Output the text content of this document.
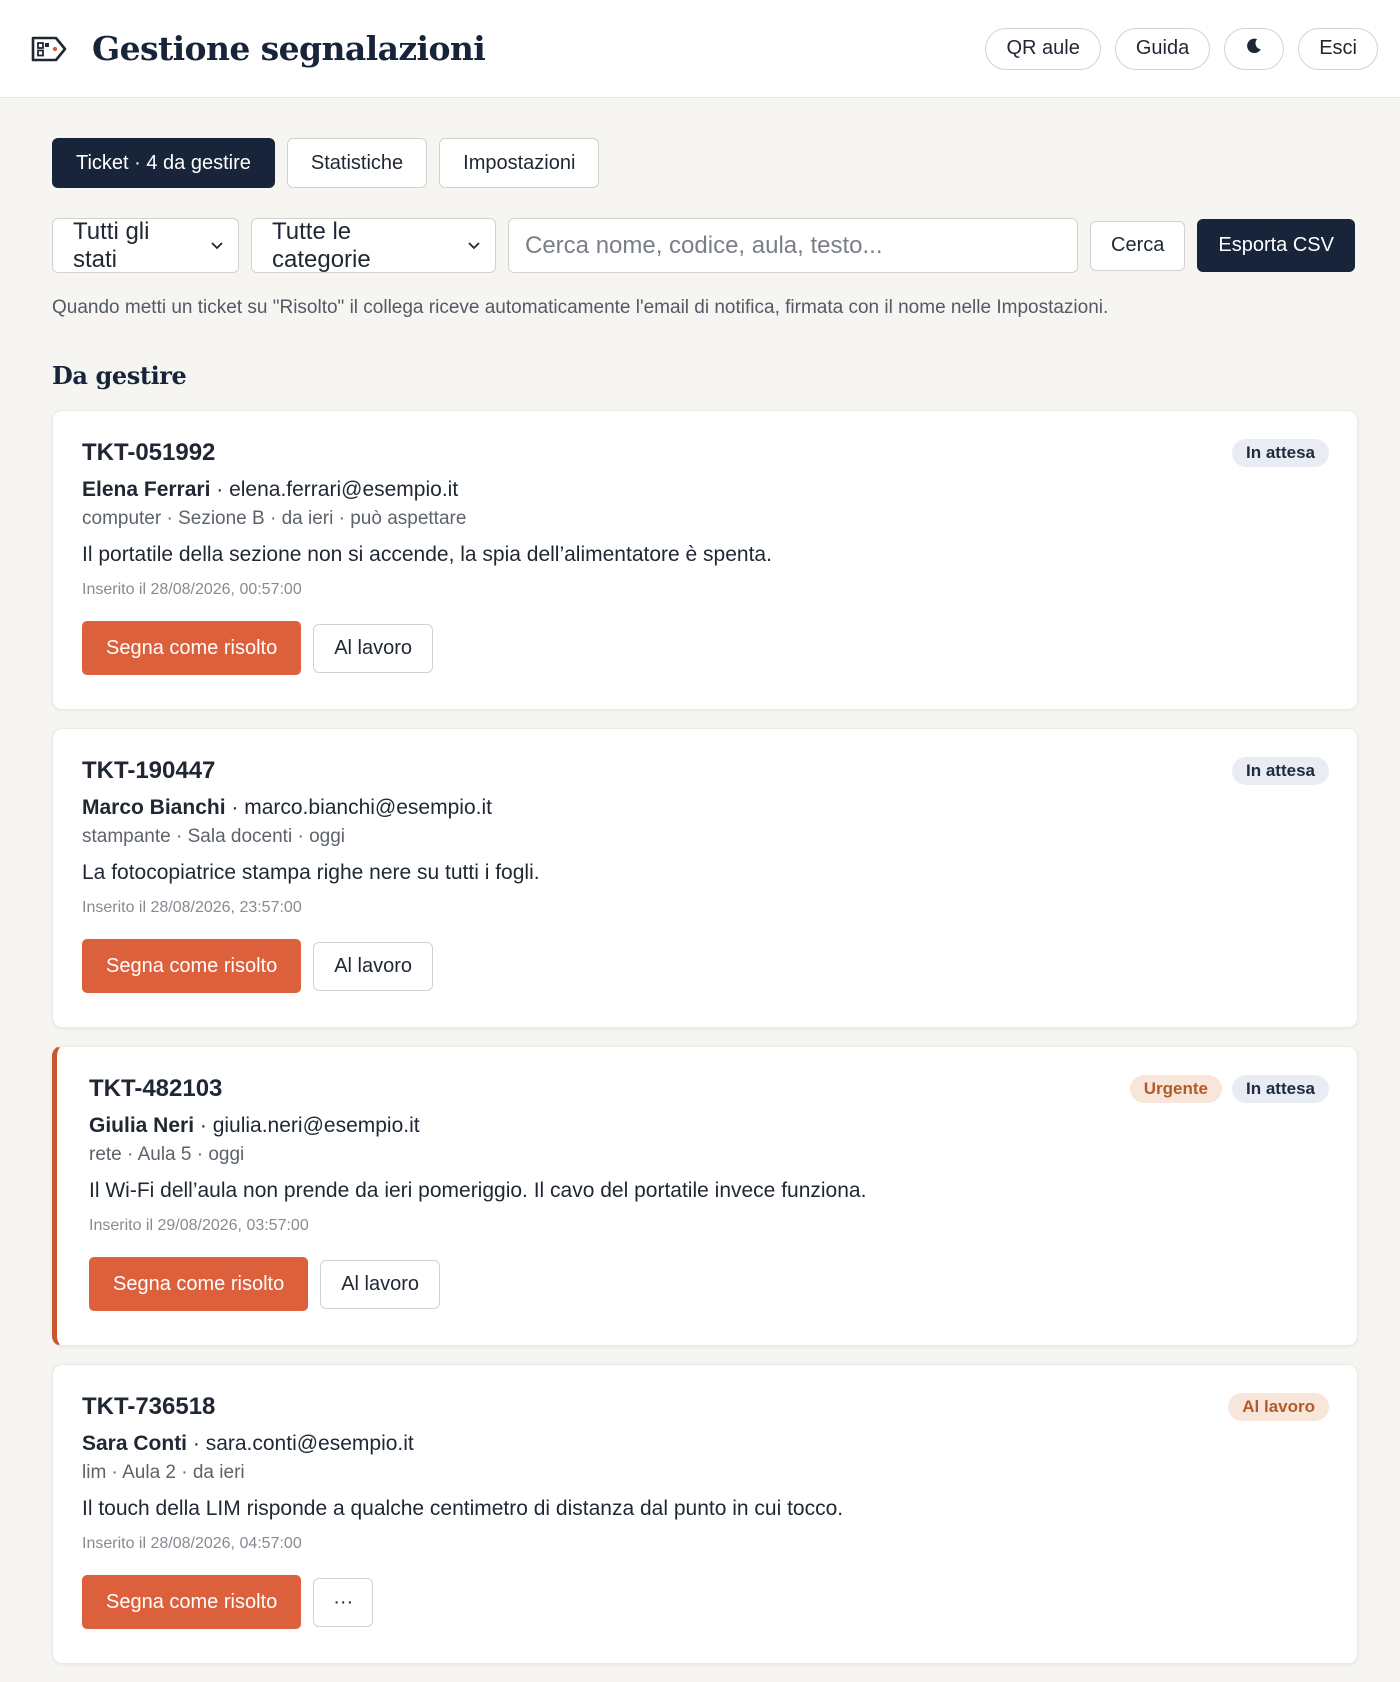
Gestione segnalazioni	QR aule	Guida	Esci
Ticket · 4 da gestire	Statistiche	Impostazioni
Tutti gli stati
Tutte le categorie
Cerca nome, codice, aula, testo...
Cerca	Esporta CSV

Quando metti un ticket su "Risolto" il collega riceve automaticamente l'email di notifica, firmata con il nome nelle Impostazioni.

Da gestire
In attesa
TKT-051992
Elena Ferrari · elena.ferrari@esempio.it
computer · Sezione B · da ieri · può aspettare
Il portatile della sezione non si accende, la spia dell’alimentatore è spenta.
Inserito il 28/08/2026, 00:57:00
Segna come risolto	Al lavoro
In attesa
TKT-190447
Marco Bianchi · marco.bianchi@esempio.it
stampante · Sala docenti · oggi
La fotocopiatrice stampa righe nere su tutti i fogli.
Inserito il 28/08/2026, 23:57:00
Segna come risolto	Al lavoro
Urgente	In attesa
TKT-482103
Giulia Neri · giulia.neri@esempio.it
rete · Aula 5 · oggi
Il Wi-Fi dell’aula non prende da ieri pomeriggio. Il cavo del portatile invece funziona.
Inserito il 29/08/2026, 03:57:00
Segna come risolto	Al lavoro
Al lavoro
TKT-736518
Sara Conti · sara.conti@esempio.it
lim · Aula 2 · da ieri
Il touch della LIM risponde a qualche centimetro di distanza dal punto in cui tocco.
Inserito il 28/08/2026, 04:57:00
Segna come risolto	···
